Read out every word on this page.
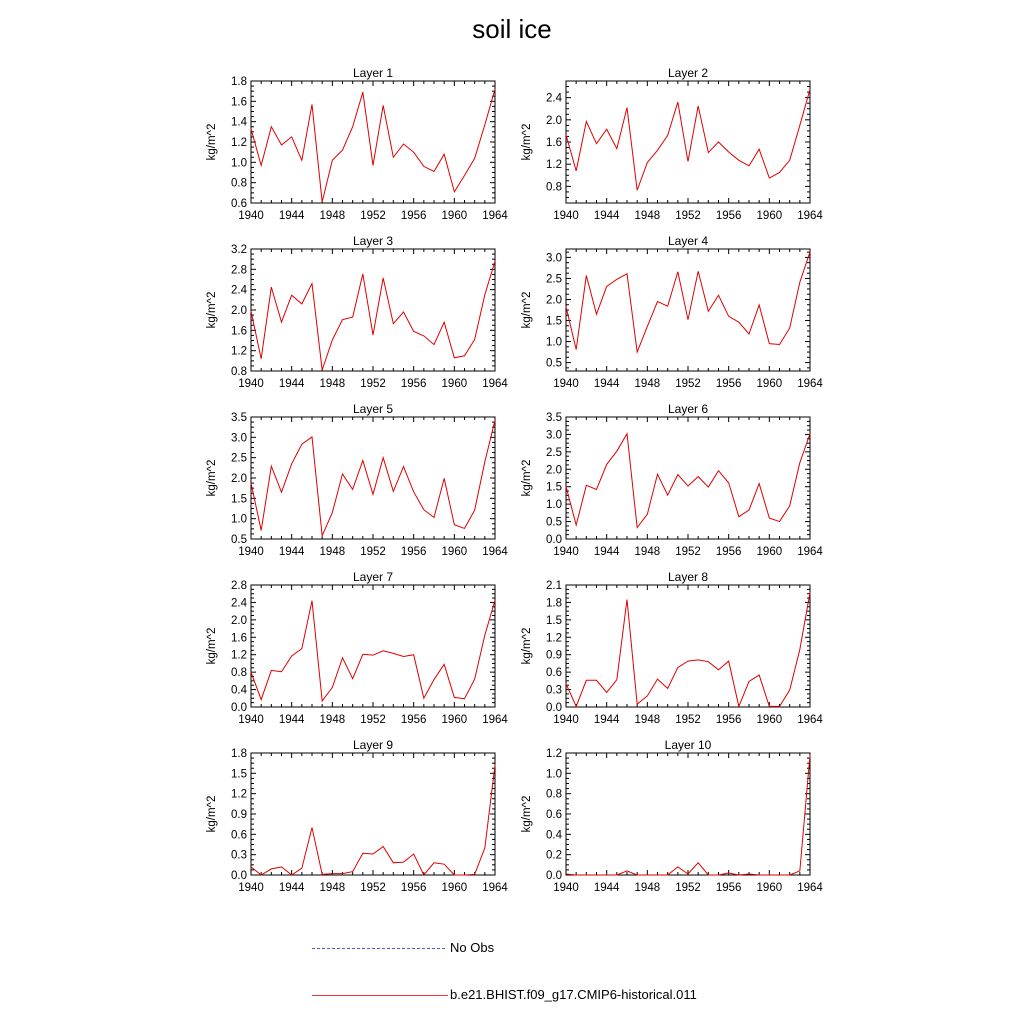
soil ice
Layer 1
kg/m^2
1940 1944 1948 1952 1956 1960 1964
0.6
0.8
1.0
1.2
1.4
1.6
1.8
Layer 2
kg/m^2
1940 1944 1948 1952 1956 1960 1964
0.8
1.2
1.6
2.0
2.4
Layer 3
kg/m^2
1940 1944 1948 1952 1956 1960 1964
0.8
1.2
1.6
2.0
2.4
2.8
3.2
Layer 4
kg/m^2
1940 1944 1948 1952 1956 1960 1964
0.5
1.0
1.5
2.0
2.5
3.0
Layer 5
kg/m^2
1940 1944 1948 1952 1956 1960 1964
0.5
1.0
1.5
2.0
2.5
3.0
3.5
Layer 6
kg/m^2
1940 1944 1948 1952 1956 1960 1964
0.0
0.5
1.0
1.5
2.0
2.5
3.0
3.5
Layer 7
kg/m^2
1940 1944 1948 1952 1956 1960 1964
0.0
0.4
0.8
1.2
1.6
2.0
2.4
2.8
Layer 8
kg/m^2
1940 1944 1948 1952 1956 1960 1964
0.0
0.3
0.6
0.9
1.2
1.5
1.8
2.1
Layer 9
kg/m^2
1940 1944 1948 1952 1956 1960 1964
0.0
0.3
0.6
0.9
1.2
1.5
1.8
Layer 10
kg/m^2
1940 1944 1948 1952 1956 1960 1964
0.0
0.2
0.4
0.6
0.8
1.0
1.2
No Obs
b.e21.BHIST.f09_g17.CMIP6-historical.011
